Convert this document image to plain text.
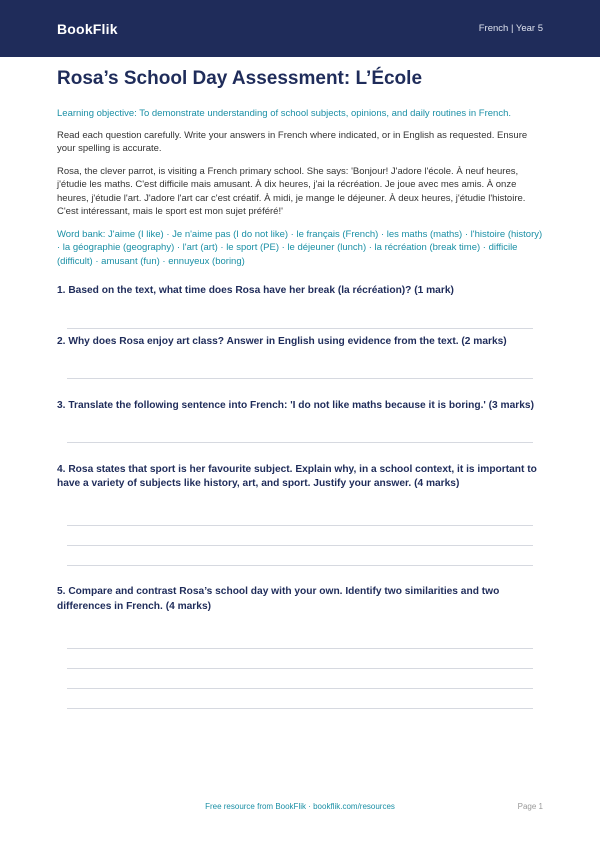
BookFlik	French | Year 5
Rosa’s School Day Assessment: L’École

Learning objective: To demonstrate understanding of school subjects, opinions, and daily routines in French.

Read each question carefully. Write your answers in French where indicated, or in English as requested. Ensure your spelling is accurate.

Rosa, the clever parrot, is visiting a French primary school. She says: 'Bonjour! J'adore l'école. À neuf heures, j'étudie les maths. C'est difficile mais amusant. À dix heures, j'ai la récréation. Je joue avec mes amis. À onze heures, j'étudie l'art. J'adore l'art car c'est créatif. À midi, je mange le déjeuner. À deux heures, j'étudie l'histoire. C'est intéressant, mais le sport est mon sujet préféré!'

Word bank: J'aime (I like) · Je n'aime pas (I do not like) · le français (French) · les maths (maths) · l'histoire (history) · la géographie (geography) · l'art (art) · le sport (PE) · le déjeuner (lunch) · la récréation (break time) · difficile (difficult) · amusant (fun) · ennuyeux (boring)

1. Based on the text, what time does Rosa have her break (la récréation)? (1 mark)

2. Why does Rosa enjoy art class? Answer in English using evidence from the text. (2 marks)

3. Translate the following sentence into French: 'I do not like maths because it is boring.' (3 marks)

4. Rosa states that sport is her favourite subject. Explain why, in a school context, it is important to have a variety of subjects like history, art, and sport. Justify your answer. (4 marks)

5. Compare and contrast Rosa’s school day with your own. Identify two similarities and two differences in French. (4 marks)

Free resource from BookFlik · bookflik.com/resources	Page 1
